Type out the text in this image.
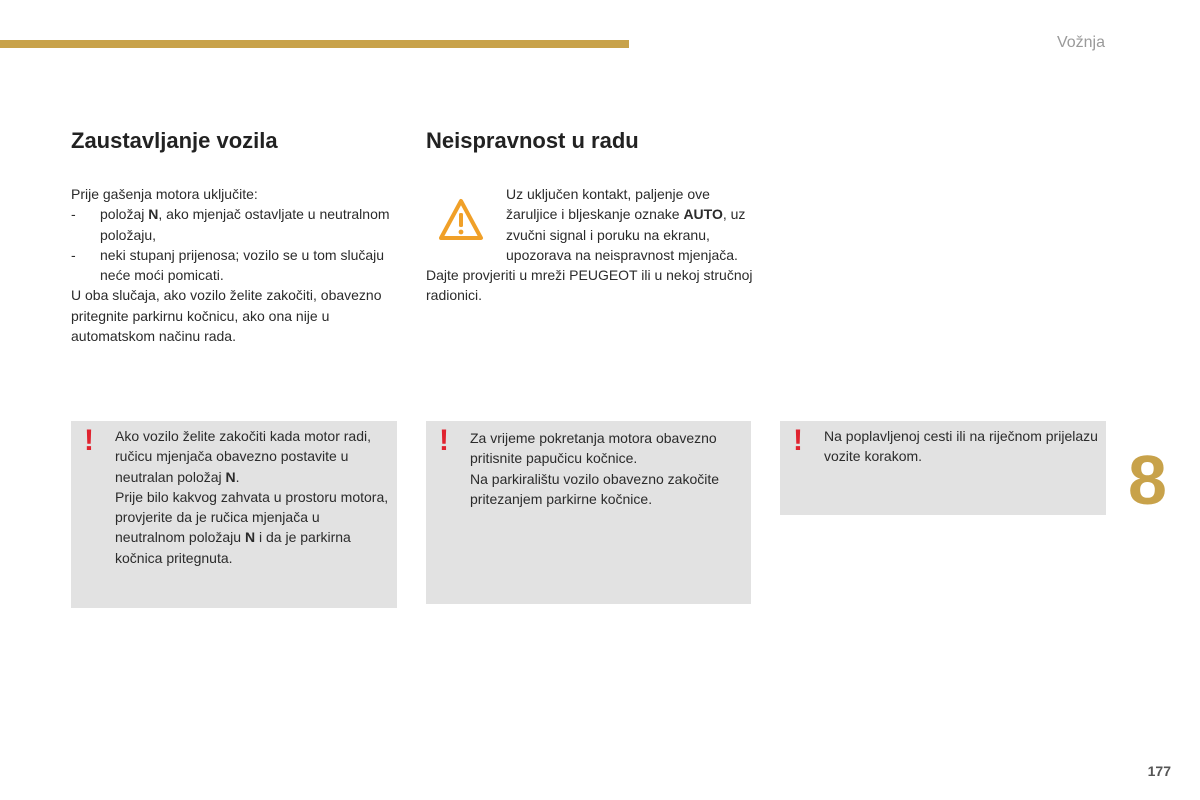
Vožnja
Zaustavljanje vozila

Prije gašenja motora uključite:

- položaj N, ako mjenjač ostavljate u neutralnom položaju,

- neki stupanj prijenosa; vozilo se u tom slučaju neće moći pomicati.

U oba slučaja, ako vozilo želite zakočiti, obavezno pritegnite parkirnu kočnicu, ako ona nije u automatskom načinu rada.

Neispravnost u radu

Uz uključen kontakt, paljenje ove žaruljice i bljeskanje oznake AUTO, uz zvučni signal i poruku na ekranu, upozorava na neispravnost mjenjača.

Dajte provjeriti u mreži PEUGEOT ili u nekoj stručnoj radionici.

! Ako vozilo želite zakočiti kada motor radi, ručicu mjenjača obavezno postavite u neutralan položaj N.

Prije bilo kakvog zahvata u prostoru motora, provjerite da je ručica mjenjača u neutralnom položaju N i da je parkirna kočnica pritegnuta.

! Za vrijeme pokretanja motora obavezno pritisnite papučicu kočnice.

Na parkiralištu vozilo obavezno zakočite pritezanjem parkirne kočnice.

! Na poplavljenoj cesti ili na riječnom prijelazu vozite korakom.	8
177
